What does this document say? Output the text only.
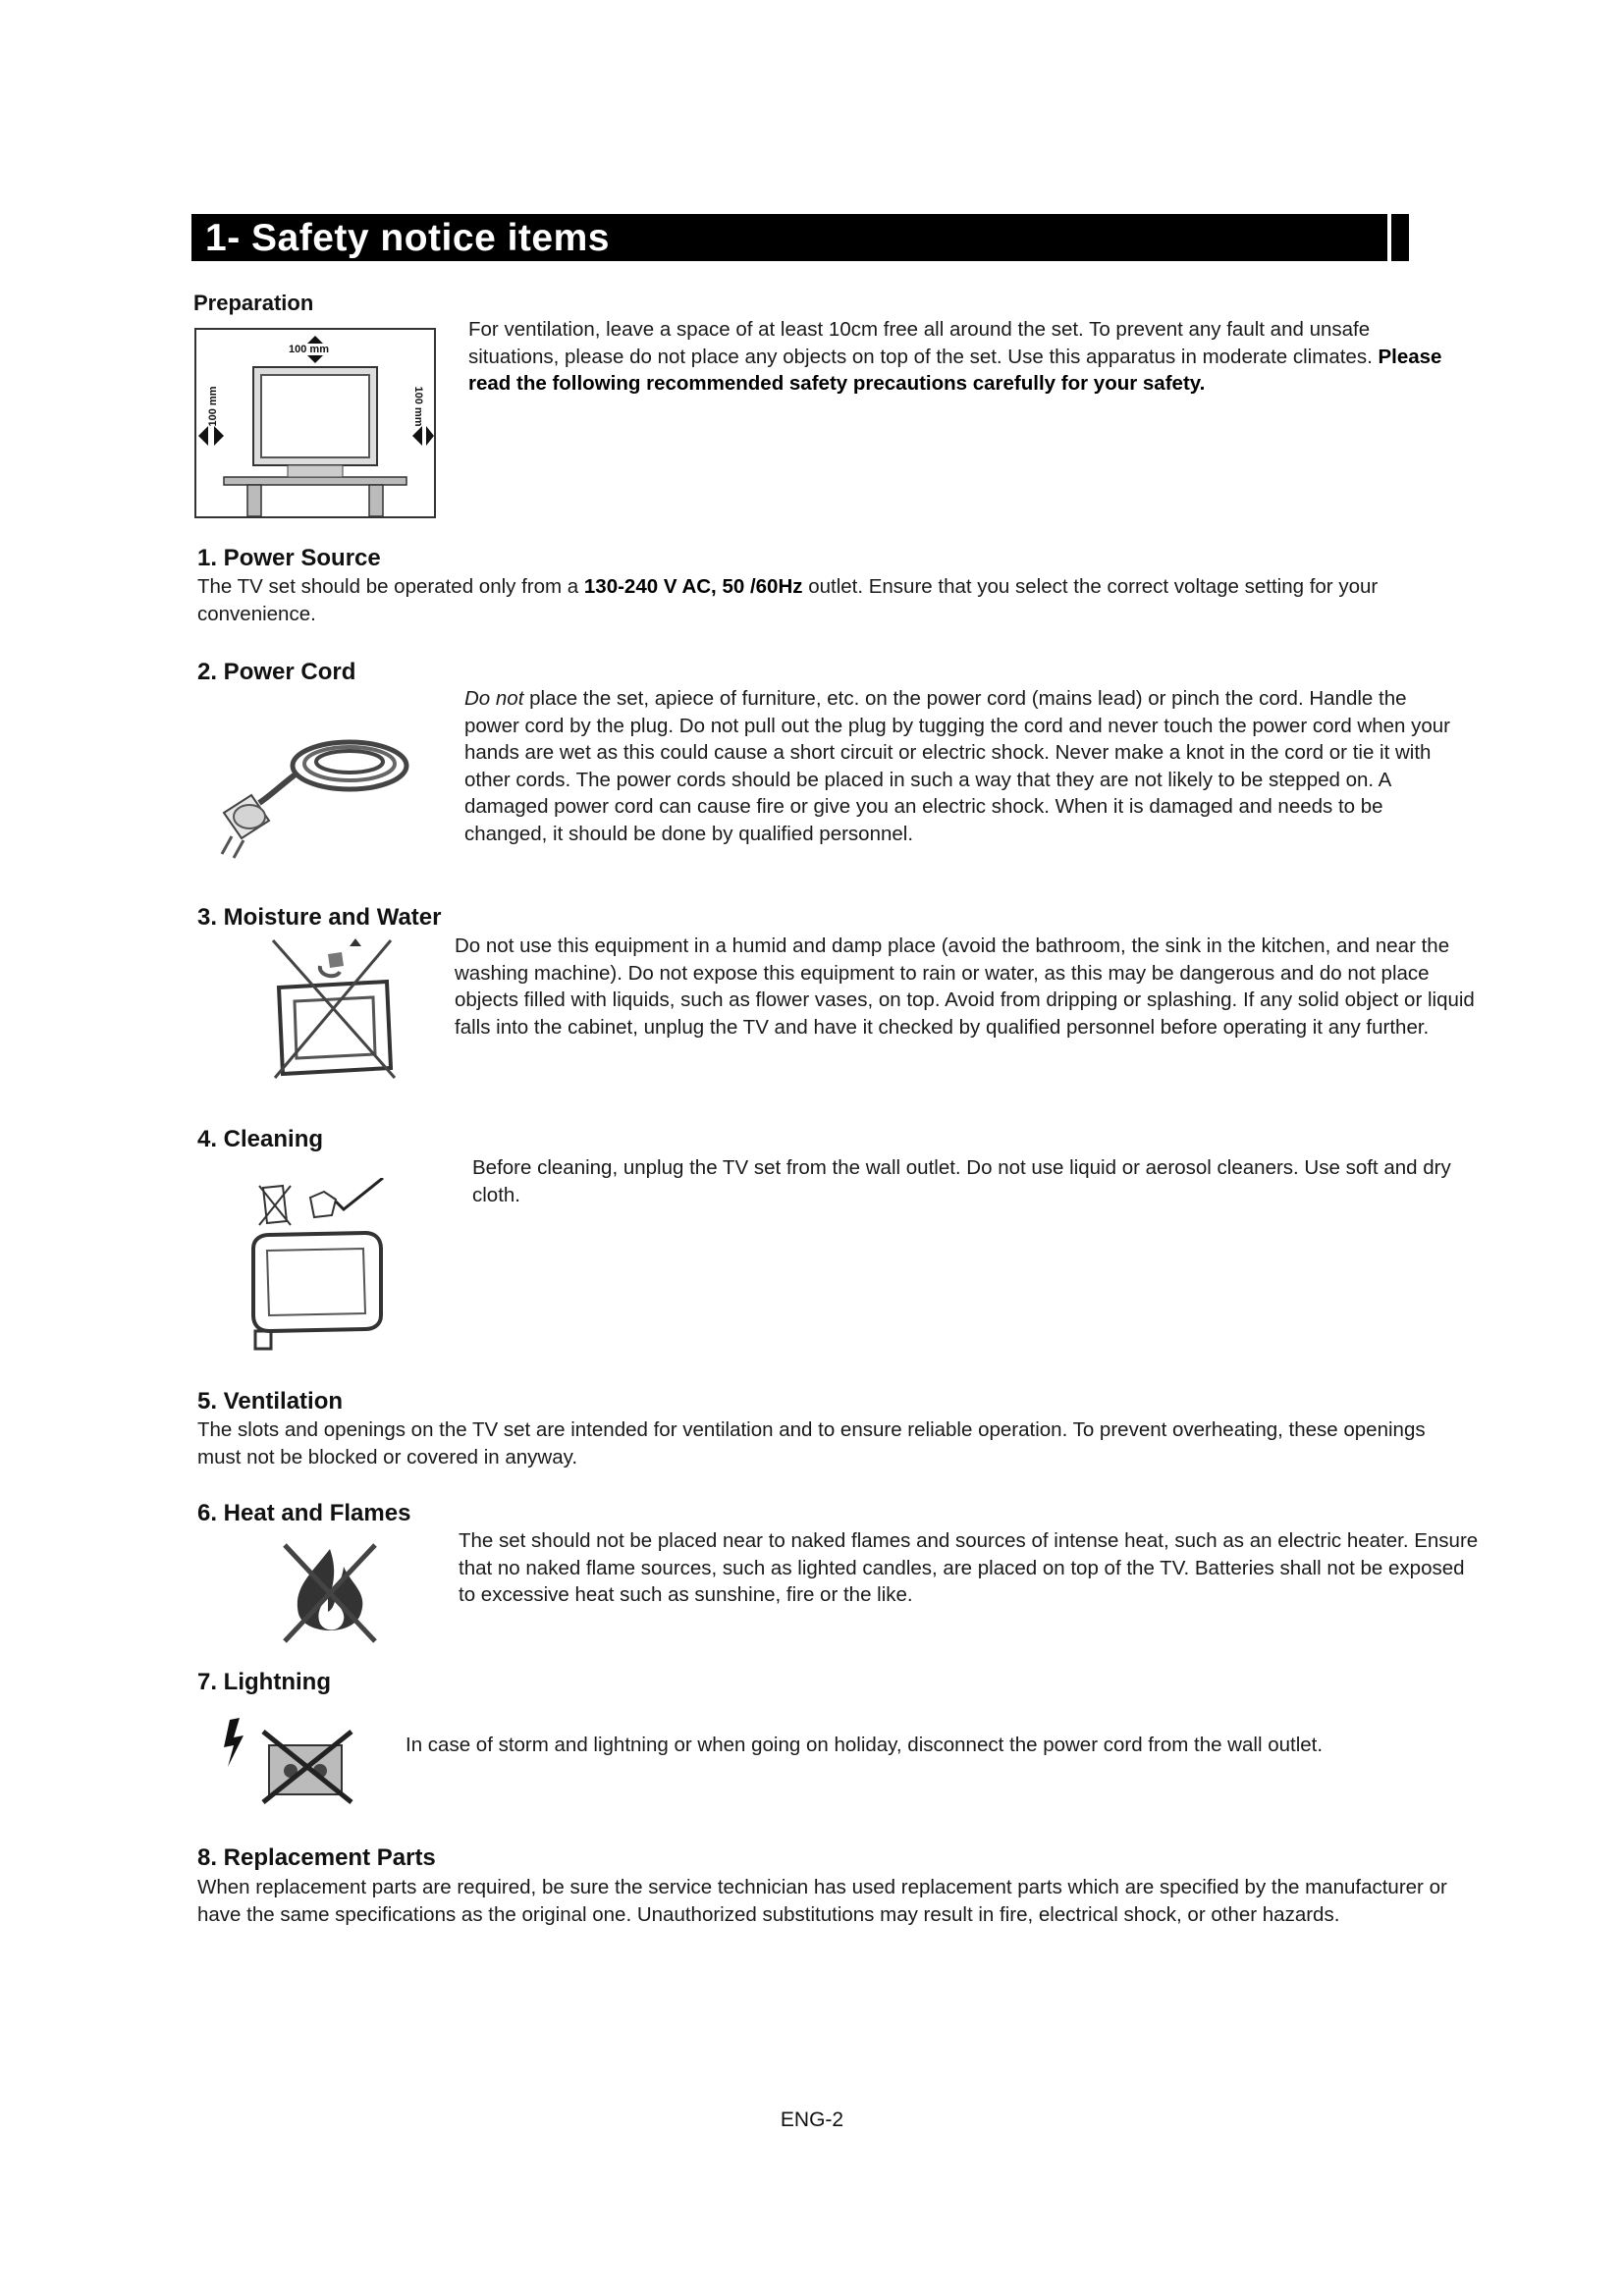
1- Safety notice items
Preparation
100 mm
100 mm	100 mm
For ventilation, leave a space of at least 10cm free all around the set. To prevent any fault and unsafe situations, please do not place any objects on top of the set. Use this apparatus in moderate climates. Please read the following recommended safety precautions carefully for your safety.
1. Power Source
The TV set should be operated only from a 130-240 V AC, 50 /60Hz outlet. Ensure that you select the correct voltage setting for your convenience.
2. Power Cord
Do not place the set, apiece of furniture, etc. on the power cord (mains lead) or pinch the cord. Handle the power cord by the plug. Do not pull out the plug by tugging the cord and never touch the power cord when your hands are wet as this could cause a short circuit or electric shock. Never make a knot in the cord or tie it with other cords. The power cords should be placed in such a way that they are not likely to be stepped on. A damaged power cord can cause fire or give you an electric shock. When it is damaged and needs to be changed, it should be done by qualified personnel.
3. Moisture and Water
Do not use this equipment in a humid and damp place (avoid the bathroom, the sink in the kitchen, and near the washing machine). Do not expose this equipment to rain or water, as this may be dangerous and do not place objects filled with liquids, such as flower vases, on top. Avoid from dripping or splashing. If any solid object or liquid falls into the cabinet, unplug the TV and have it checked by qualified personnel before operating it any further.
4. Cleaning
Before cleaning, unplug the TV set from the wall outlet. Do not use liquid or aerosol cleaners. Use soft and dry cloth.
5. Ventilation
The slots and openings on the TV set are intended for ventilation and to ensure reliable operation. To prevent overheating, these openings must not be blocked or covered in anyway.
6. Heat and Flames
The set should not be placed near to naked flames and sources of intense heat, such as an electric heater. Ensure that no naked flame sources, such as lighted candles, are placed on top of the TV. Batteries shall not be exposed to excessive heat such as sunshine, fire or the like.
7. Lightning
In case of storm and lightning or when going on holiday, disconnect the power cord from the wall outlet.
8. Replacement Parts
When replacement parts are required, be sure the service technician has used replacement parts which are specified by the manufacturer or have the same specifications as the original one. Unauthorized substitutions may result in fire, electrical shock, or other hazards.
ENG-2
